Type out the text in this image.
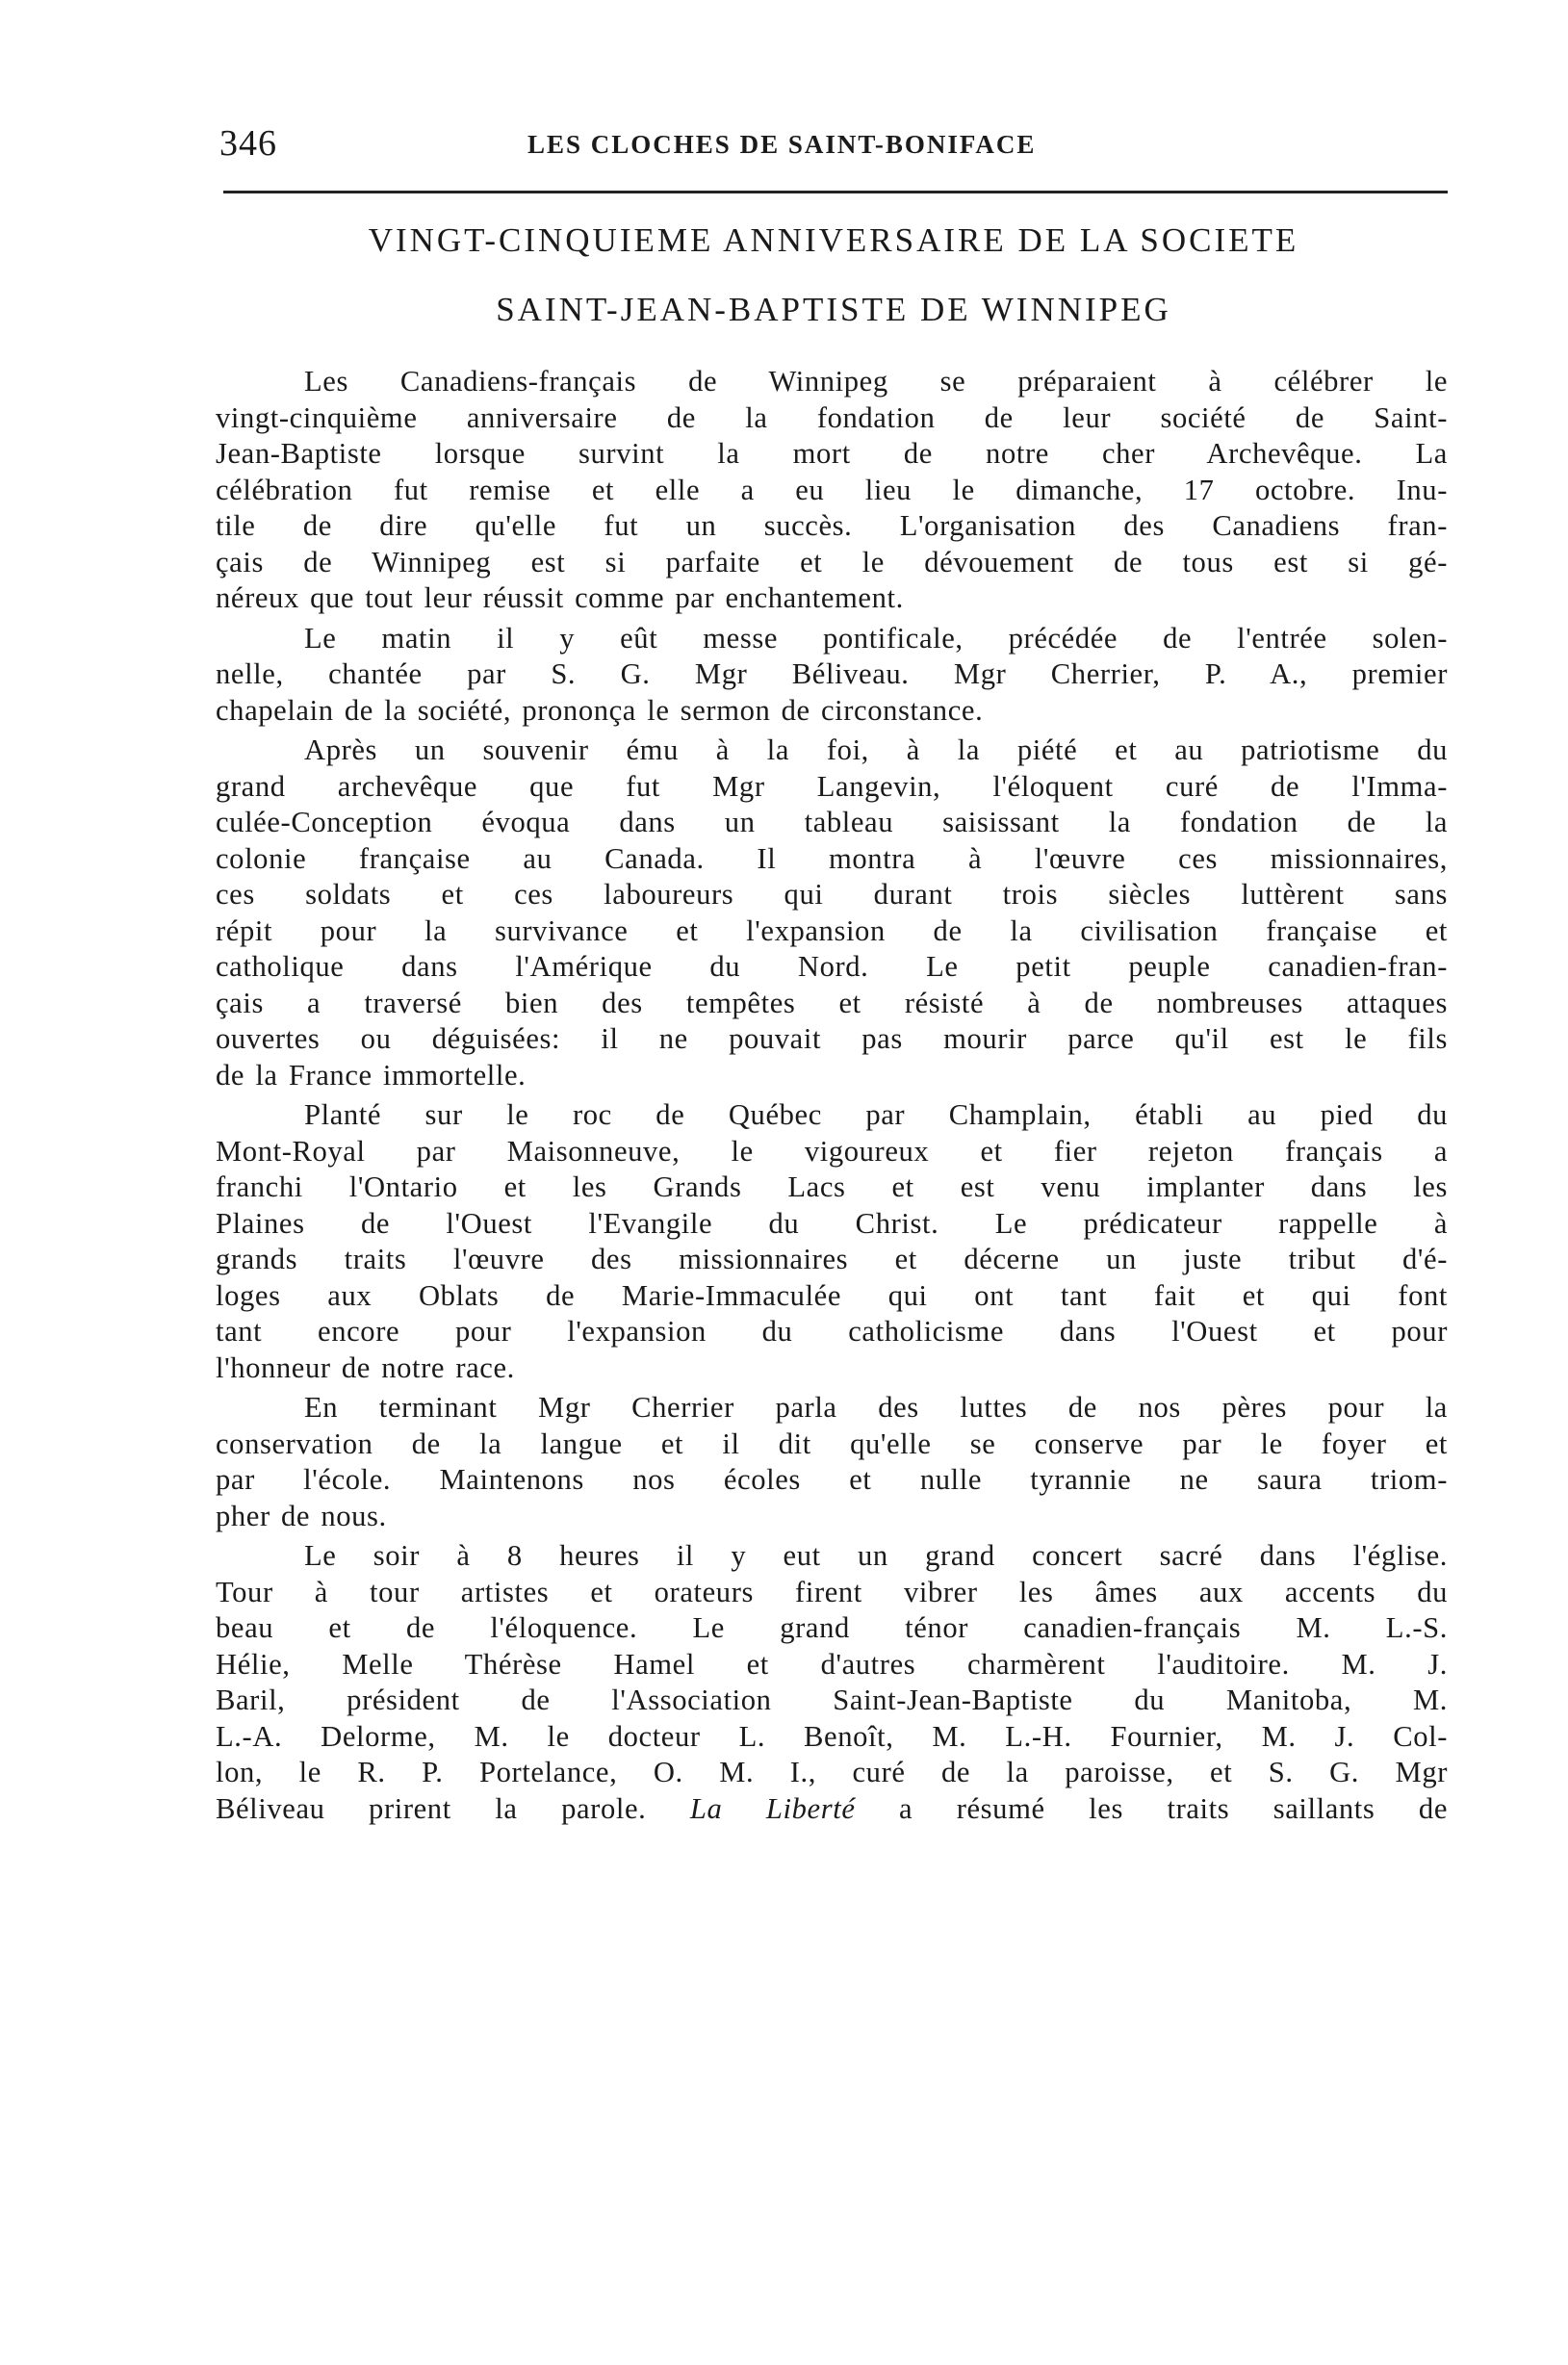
346	LES CLOCHES DE SAINT-BONIFACE
VINGT-CINQUIEME ANNIVERSAIRE DE LA SOCIETE
SAINT-JEAN-BAPTISTE DE WINNIPEG
Les Canadiens-français de Winnipeg se préparaient à célébrer le
vingt-cinquième anniversaire de la fondation de leur société de Saint-
Jean-Baptiste lorsque survint la mort de notre cher Archevêque. La
célébration fut remise et elle a eu lieu le dimanche, 17 octobre. Inu-
tile de dire qu'elle fut un succès. L'organisation des Canadiens fran-
çais de Winnipeg est si parfaite et le dévouement de tous est si gé-
néreux que tout leur réussit comme par enchantement.
Le matin il y eût messe pontificale, précédée de l'entrée solen-
nelle, chantée par S. G. Mgr Béliveau. Mgr Cherrier, P. A., premier
chapelain de la société, prononça le sermon de circonstance.
Après un souvenir ému à la foi, à la piété et au patriotisme du
grand archevêque que fut Mgr Langevin, l'éloquent curé de l'Imma-
culée-Conception évoqua dans un tableau saisissant la fondation de la
colonie française au Canada. Il montra à l'œuvre ces missionnaires,
ces soldats et ces laboureurs qui durant trois siècles luttèrent sans
répit pour la survivance et l'expansion de la civilisation française et
catholique dans l'Amérique du Nord. Le petit peuple canadien-fran-
çais a traversé bien des tempêtes et résisté à de nombreuses attaques
ouvertes ou déguisées: il ne pouvait pas mourir parce qu'il est le fils
de la France immortelle.
Planté sur le roc de Québec par Champlain, établi au pied du
Mont-Royal par Maisonneuve, le vigoureux et fier rejeton français a
franchi l'Ontario et les Grands Lacs et est venu implanter dans les
Plaines de l'Ouest l'Evangile du Christ. Le prédicateur rappelle à
grands traits l'œuvre des missionnaires et décerne un juste tribut d'é-
loges aux Oblats de Marie-Immaculée qui ont tant fait et qui font
tant encore pour l'expansion du catholicisme dans l'Ouest et pour
l'honneur de notre race.
En terminant Mgr Cherrier parla des luttes de nos pères pour la
conservation de la langue et il dit qu'elle se conserve par le foyer et
par l'école. Maintenons nos écoles et nulle tyrannie ne saura triom-
pher de nous.
Le soir à 8 heures il y eut un grand concert sacré dans l'église.
Tour à tour artistes et orateurs firent vibrer les âmes aux accents du
beau et de l'éloquence. Le grand ténor canadien-français M. L.-S.
Hélie, Melle Thérèse Hamel et d'autres charmèrent l'auditoire. M. J.
Baril, président de l'Association Saint-Jean-Baptiste du Manitoba, M.
L.-A. Delorme, M. le docteur L. Benoît, M. L.-H. Fournier, M. J. Col-
lon, le R. P. Portelance, O. M. I., curé de la paroisse, et S. G. Mgr
Béliveau prirent la parole. La Liberté a résumé les traits saillants de
